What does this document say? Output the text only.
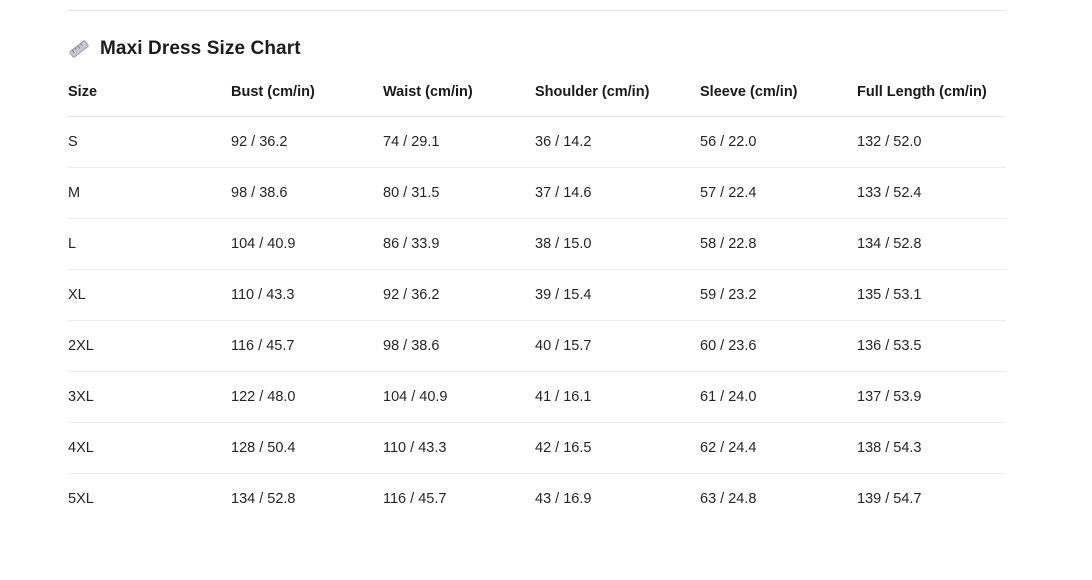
Maxi Dress Size Chart
Size	Bust (cm/in)	Waist (cm/in)	Shoulder (cm/in)	Sleeve (cm/in)	Full Length (cm/in)
S	92 / 36.2	74 / 29.1	36 / 14.2	56 / 22.0	132 / 52.0
M	98 / 38.6	80 / 31.5	37 / 14.6	57 / 22.4	133 / 52.4
L	104 / 40.9	86 / 33.9	38 / 15.0	58 / 22.8	134 / 52.8
XL	110 / 43.3	92 / 36.2	39 / 15.4	59 / 23.2	135 / 53.1
2XL	116 / 45.7	98 / 38.6	40 / 15.7	60 / 23.6	136 / 53.5
3XL	122 / 48.0	104 / 40.9	41 / 16.1	61 / 24.0	137 / 53.9
4XL	128 / 50.4	110 / 43.3	42 / 16.5	62 / 24.4	138 / 54.3
5XL	134 / 52.8	116 / 45.7	43 / 16.9	63 / 24.8	139 / 54.7
